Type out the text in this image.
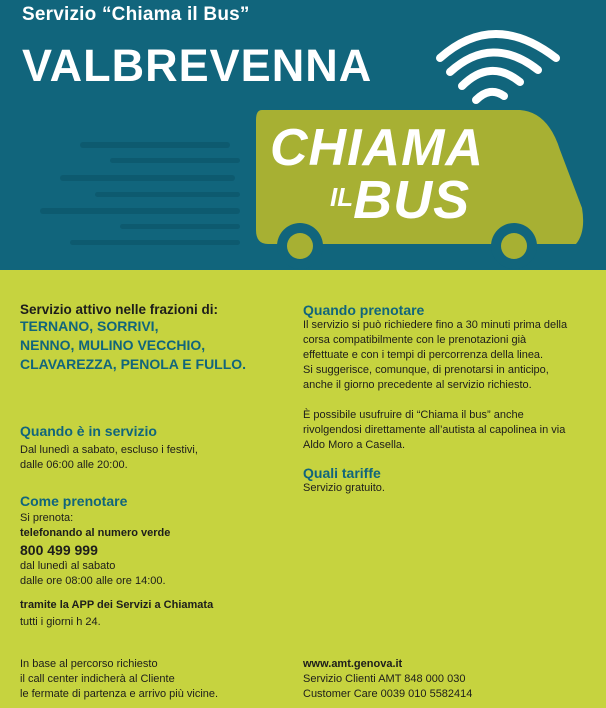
Servizio “Chiama il Bus”
VALBREVENNA
CHIAMA
ILBUS
Servizio attivo nelle frazioni di:
TERNANO, SORRIVI,
NENNO, MULINO VECCHIO,
CLAVAREZZA, PENOLA E FULLO.
Quando è in servizio
Dal lunedì a sabato, escluso i festivi,
dalle 06:00 alle 20:00.
Come prenotare
Si prenota:
telefonando al numero verde
800 499 999
dal lunedì al sabato
dalle ore 08:00 alle ore 14:00.
tramite la APP dei Servizi a Chiamata
tutti i giorni h 24.
In base al percorso richiesto
il call center indicherà al Cliente
le fermate di partenza e arrivo più vicine.
Quando prenotare
Il servizio si può richiedere fino a 30 minuti prima della
corsa compatibilmente con le prenotazioni già
effettuate e con i tempi di percorrenza della linea.
Si suggerisce, comunque, di prenotarsi in anticipo,
anche il giorno precedente al servizio richiesto.
È possibile usufruire di “Chiama il bus” anche
rivolgendosi direttamente all’autista al capolinea in via
Aldo Moro a Casella.
Quali tariffe
Servizio gratuito.
www.amt.genova.it
Servizio Clienti AMT 848 000 030
Customer Care 0039 010 5582414
